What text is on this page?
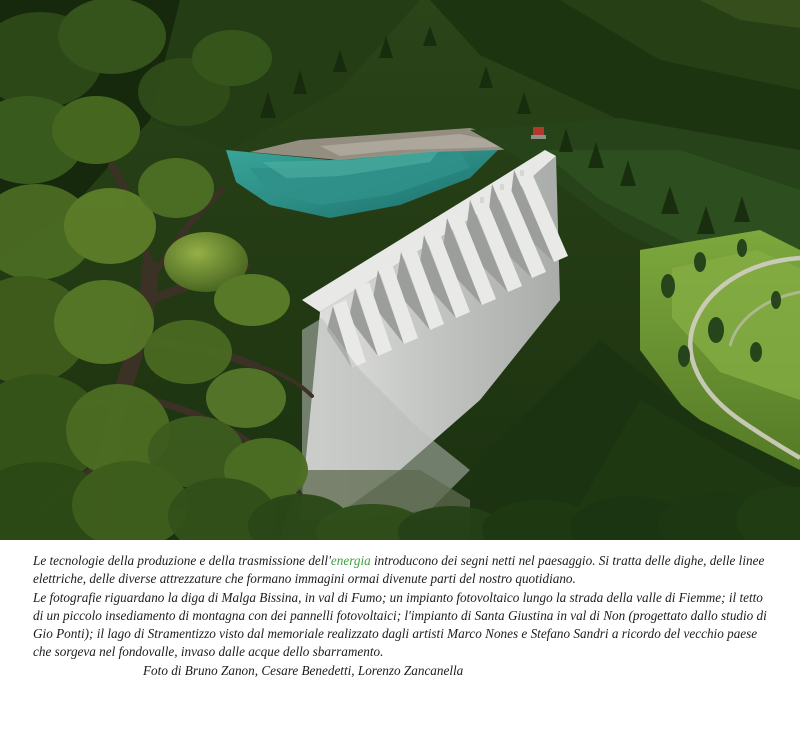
Le tecnologie della produzione e della trasmissione dell'energia introducono dei segni netti nel paesaggio. Si tratta delle dighe, delle linee elettriche, delle diverse attrezzature che formano immagini ormai divenute parti del nostro quotidiano.

Le fotografie riguardano la diga di Malga Bissina, in val di Fumo; un impianto fotovoltaico lungo la strada della valle di Fiemme; il tetto di un piccolo insediamento di montagna con dei pannelli fotovoltaici; l'impianto di Santa Giustina in val di Non (progettato dallo studio di Gio Ponti); il lago di Stramentizzo visto dal memoriale realizzato dagli artisti Marco Nones e Stefano Sandri a ricordo del vecchio paese che sorgeva nel fondovalle, invaso dalle acque dello sbarramento.

Foto di Bruno Zanon, Cesare Benedetti, Lorenzo Zancanella
